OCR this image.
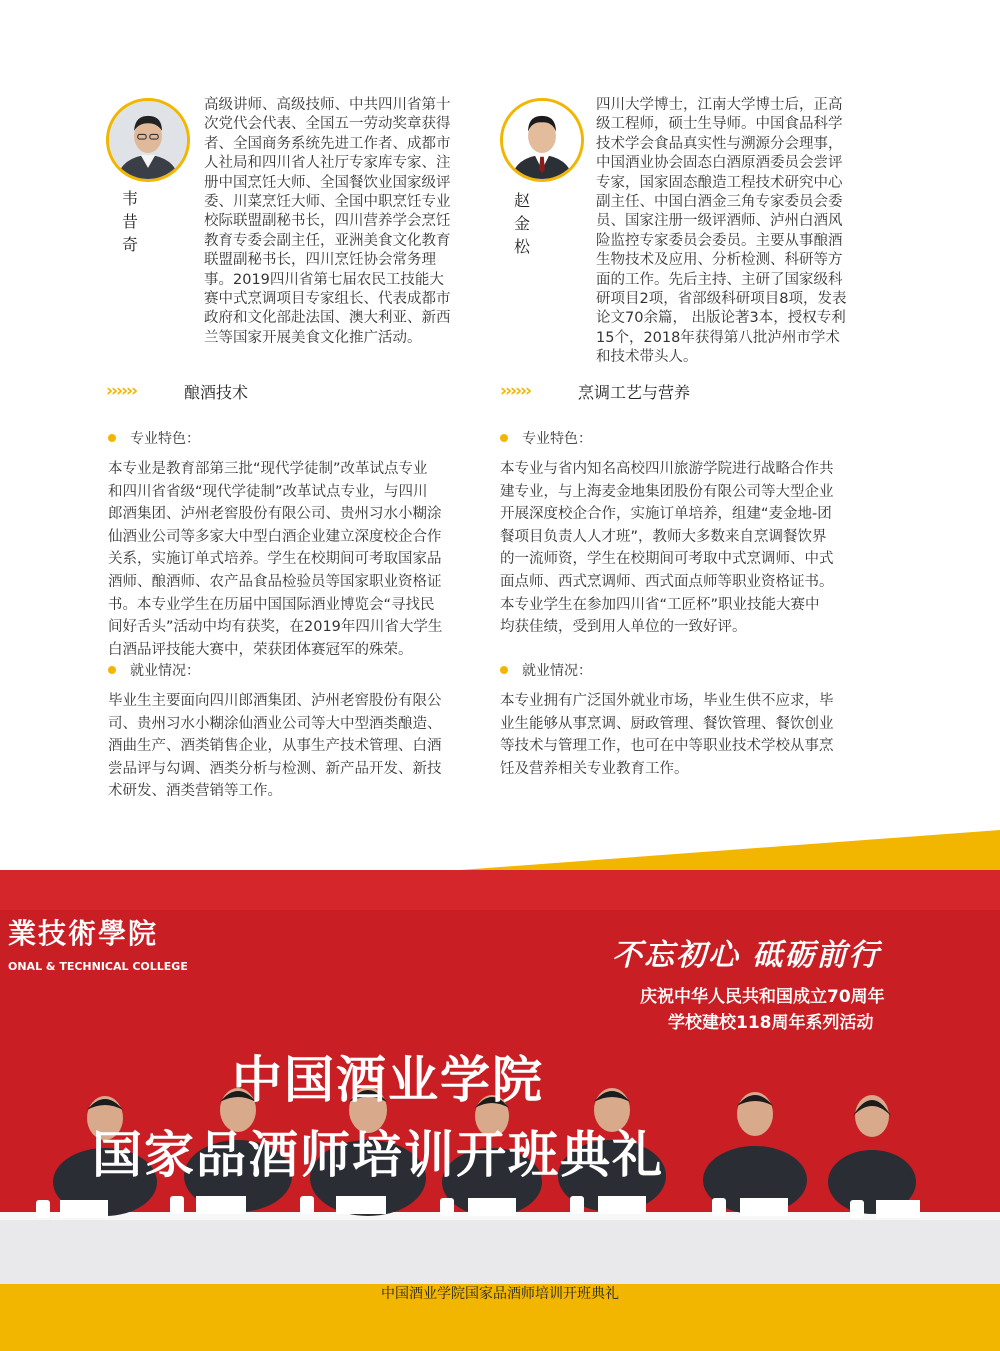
韦昔奇
高级讲师、高级技师、中共四川省第十
次党代会代表、全国五一劳动奖章获得
者、全国商务系统先进工作者、成都市
人社局和四川省人社厅专家库专家、注
册中国烹饪大师、全国餐饮业国家级评
委、川菜烹饪大师、全国中职烹饪专业
校际联盟副秘书长，四川营养学会烹饪
教育专委会副主任，亚洲美食文化教育
联盟副秘书长，四川烹饪协会常务理
事。2019四川省第七届农民工技能大
赛中式烹调项目专家组长、代表成都市
政府和文化部赴法国、澳大利亚、新西
兰等国家开展美食文化推广活动。
赵金松
四川大学博士，江南大学博士后，正高
级工程师，硕士生导师。中国食品科学
技术学会食品真实性与溯源分会理事，
中国酒业协会固态白酒原酒委员会尝评
专家，国家固态酿造工程技术研究中心
副主任、中国白酒金三角专家委员会委
员、国家注册一级评酒师、泸州白酒风
险监控专家委员会委员。主要从事酿酒
生物技术及应用、分析检测、科研等方
面的工作。先后主持、主研了国家级科
研项目2项，省部级科研项目8项，发表
论文70余篇， 出版论著3本，授权专利
15个，2018年获得第八批泸州市学术
和技术带头人。
››››››	酿酒技术
专业特色：
本专业是教育部第三批“现代学徒制”改革试点专业
和四川省省级“现代学徒制”改革试点专业，与四川
郎酒集团、泸州老窖股份有限公司、贵州习水小糊涂
仙酒业公司等多家大中型白酒企业建立深度校企合作
关系，实施订单式培养。学生在校期间可考取国家品
酒师、酿酒师、农产品食品检验员等国家职业资格证
书。本专业学生在历届中国国际酒业博览会“寻找民
间好舌头”活动中均有获奖，在2019年四川省大学生
白酒品评技能大赛中，荣获团体赛冠军的殊荣。
就业情况：
毕业生主要面向四川郎酒集团、泸州老窖股份有限公
司、贵州习水小糊涂仙酒业公司等大中型酒类酿造、
酒曲生产、酒类销售企业，从事生产技术管理、白酒
尝品评与勾调、酒类分析与检测、新产品开发、新技
术研发、酒类营销等工作。
››››››	烹调工艺与营养
专业特色：
本专业与省内知名高校四川旅游学院进行战略合作共
建专业，与上海麦金地集团股份有限公司等大型企业
开展深度校企合作，实施订单培养，组建“麦金地-团
餐项目负责人人才班”，教师大多数来自烹调餐饮界
的一流师资，学生在校期间可考取中式烹调师、中式
面点师、西式烹调师、西式面点师等职业资格证书。
本专业学生在参加四川省“工匠杯”职业技能大赛中
均获佳绩，受到用人单位的一致好评。
就业情况：
本专业拥有广泛国外就业市场，毕业生供不应求，毕
业生能够从事烹调、厨政管理、餐饮管理、餐饮创业
等技术与管理工作，也可在中等职业技术学校从事烹
饪及营养相关专业教育工作。
業技術學院
ONAL & TECHNICAL COLLEGE	不忘初心 砥砺前行
庆祝中华人民共和国成立70周年
学校建校118周年系列活动
中国酒业学院
国家品酒师培训开班典礼
中国酒业学院国家品酒师培训开班典礼
